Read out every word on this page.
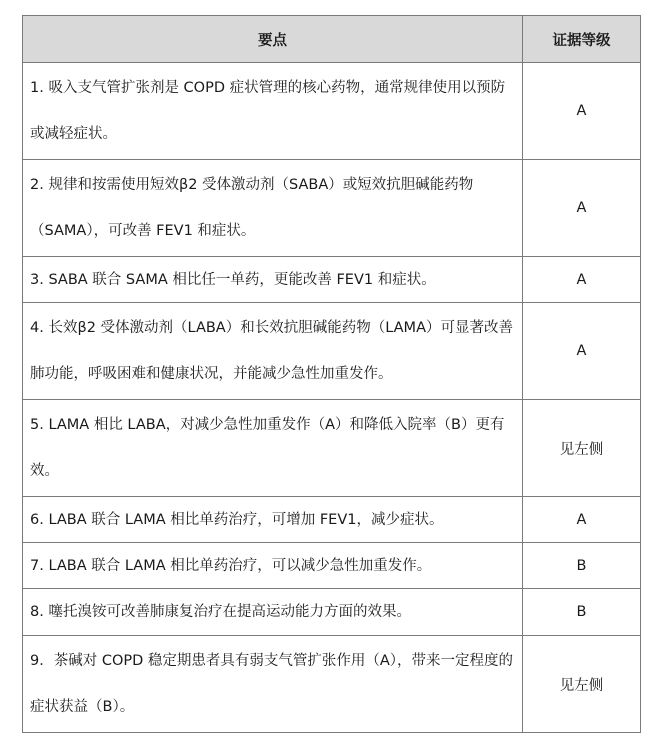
要点	证据等级
1. 吸入支气管扩张剂是 COPD 症状管理的核心药物，通常规律使用以预防或减轻症状。	A
2. 规律和按需使用短效β2 受体激动剂（SABA）或短效抗胆碱能药物（SAMA），可改善 FEV1 和症状。	A
3. SABA 联合 SAMA 相比任一单药，更能改善 FEV1 和症状。	A
4. 长效β2 受体激动剂（LABA）和长效抗胆碱能药物（LAMA）可显著改善肺功能，呼吸困难和健康状况，并能减少急性加重发作。	A
5. LAMA 相比 LABA，对减少急性加重发作（A）和降低入院率（B）更有效。	见左侧
6. LABA 联合 LAMA 相比单药治疗，可增加 FEV1，减少症状。	A
7. LABA 联合 LAMA 相比单药治疗，可以减少急性加重发作。	B
8. 噻托溴铵可改善肺康复治疗在提高运动能力方面的效果。	B
9．茶碱对 COPD 稳定期患者具有弱支气管扩张作用（A），带来一定程度的症状获益（B）。	见左侧
